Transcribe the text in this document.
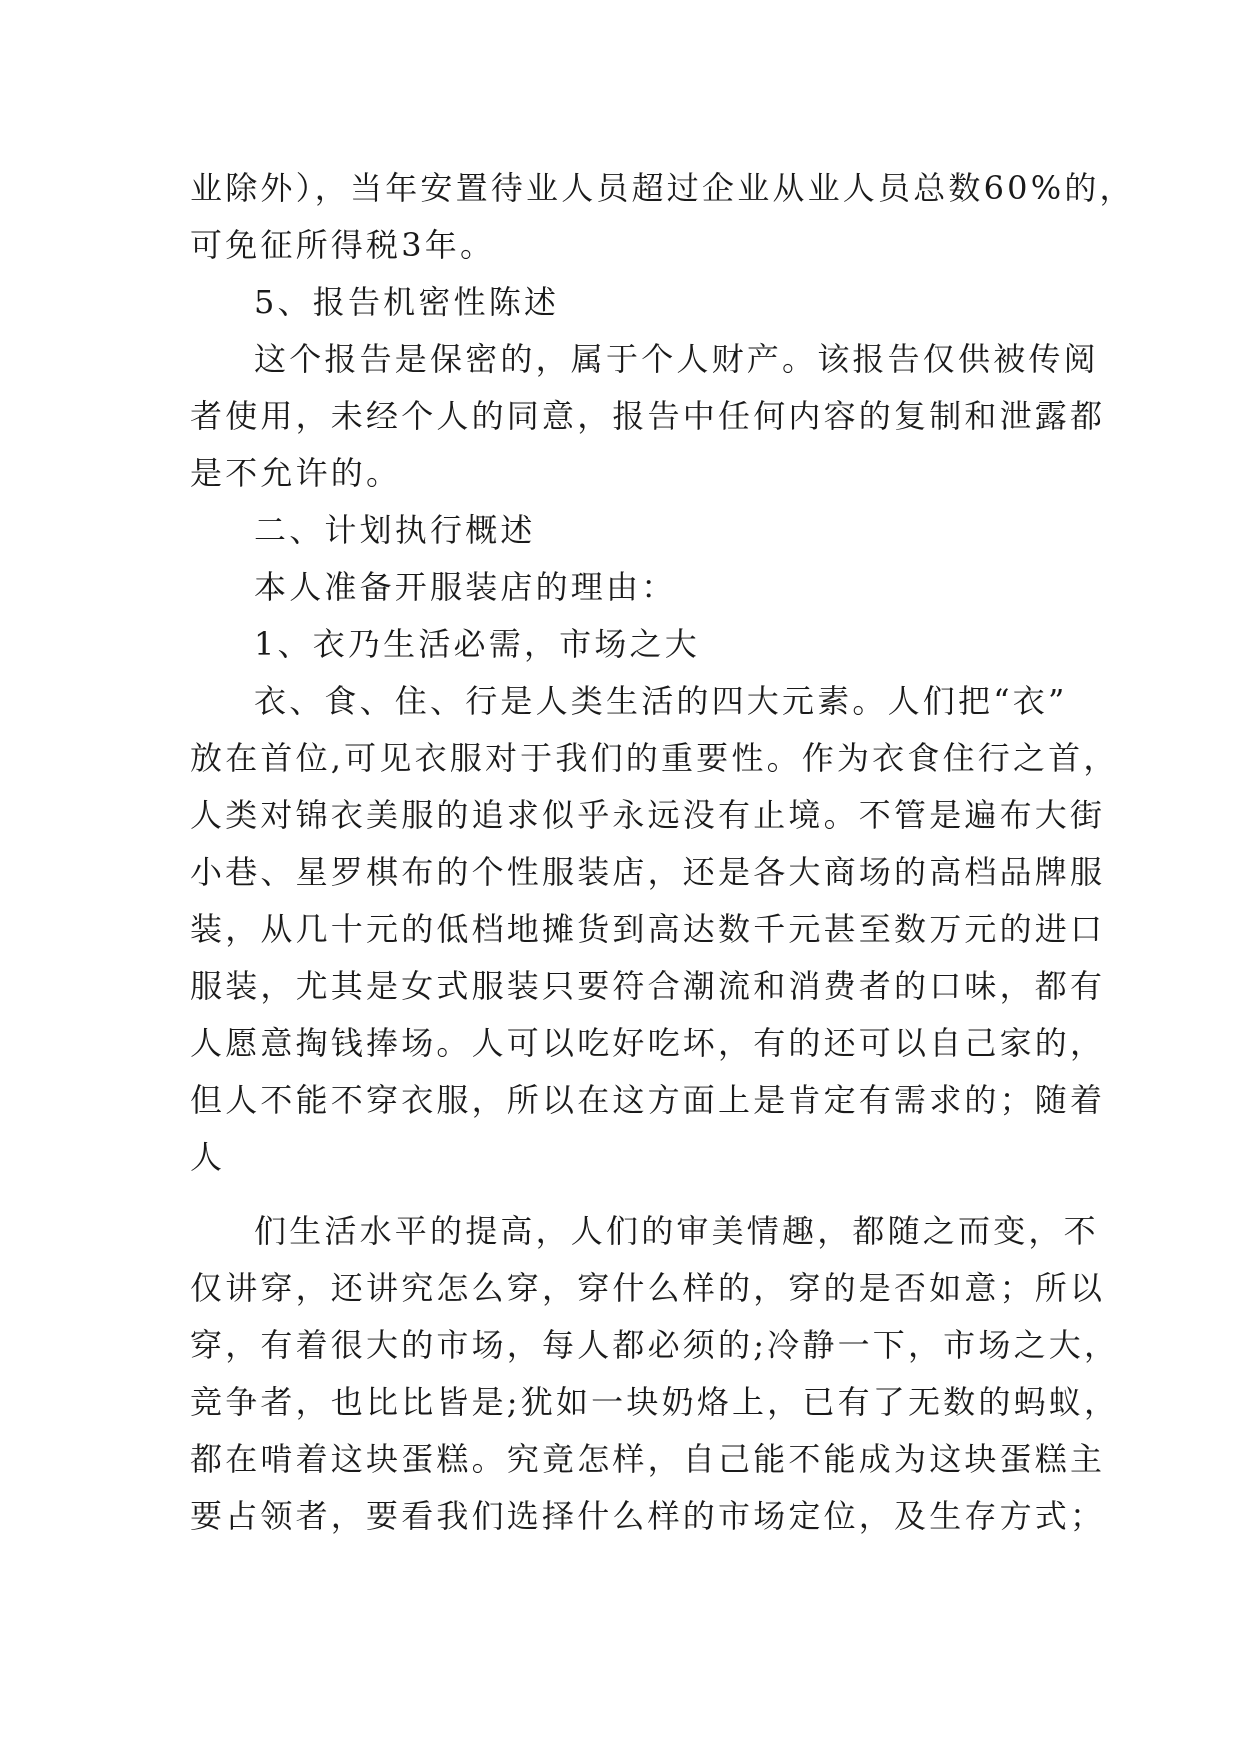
业除外），当年安置待业人员超过企业从业人员总数60%的，

可免征所得税3年。

5、报告机密性陈述

这个报告是保密的，属于个人财产。该报告仅供被传阅

者使用，未经个人的同意，报告中任何内容的复制和泄露都

是不允许的。

二、计划执行概述

本人准备开服装店的理由：

1、衣乃生活必需，市场之大

衣、食、住、行是人类生活的四大元素。人们把“衣”

放在首位,可见衣服对于我们的重要性。作为衣食住行之首，

人类对锦衣美服的追求似乎永远没有止境。不管是遍布大街

小巷、星罗棋布的个性服装店，还是各大商场的高档品牌服

装，从几十元的低档地摊货到高达数千元甚至数万元的进口

服装，尤其是女式服装只要符合潮流和消费者的口味，都有

人愿意掏钱捧场。人可以吃好吃坏，有的还可以自己家的，

但人不能不穿衣服，所以在这方面上是肯定有需求的；随着

人

们生活水平的提高，人们的审美情趣，都随之而变，不

仅讲穿，还讲究怎么穿，穿什么样的，穿的是否如意；所以

穿，有着很大的市场，每人都必须的;冷静一下，市场之大，

竞争者，也比比皆是;犹如一块奶烙上，已有了无数的蚂蚁，

都在啃着这块蛋糕。究竟怎样，自己能不能成为这块蛋糕主

要占领者，要看我们选择什么样的市场定位，及生存方式；
